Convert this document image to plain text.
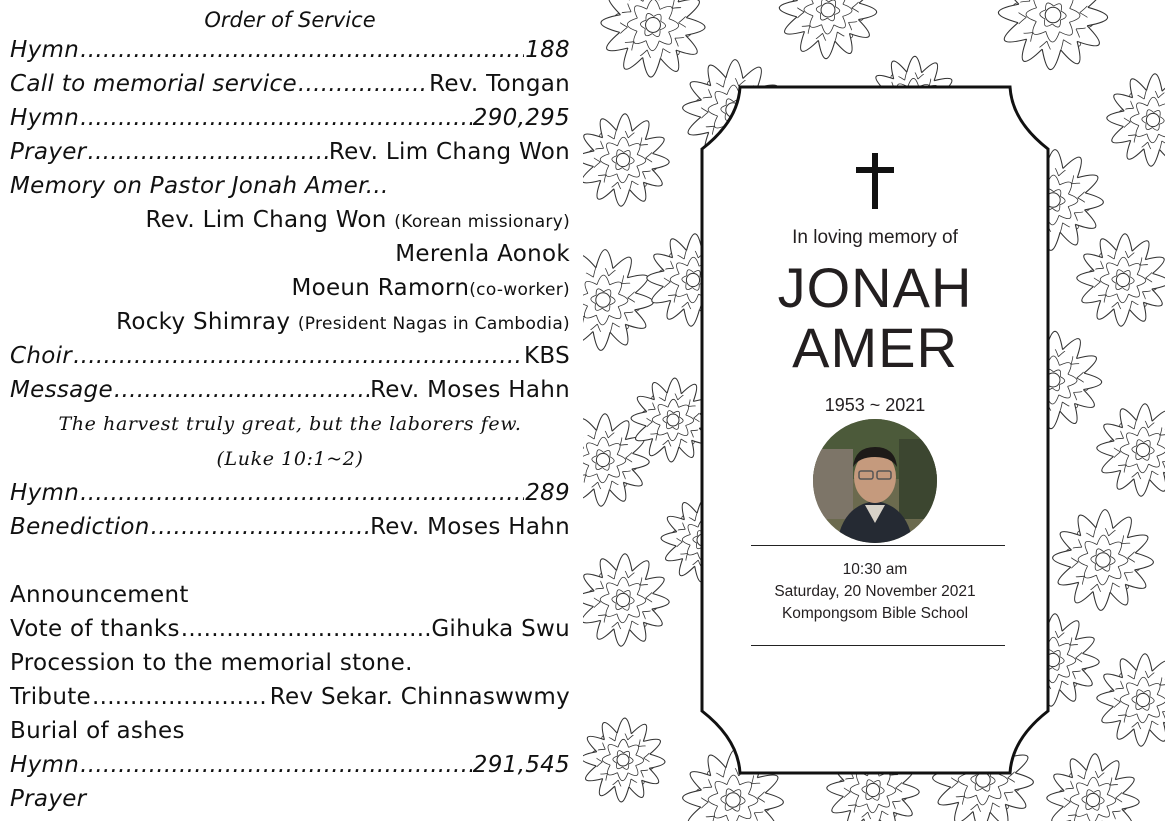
Order of Service
Hymn .....	188
Call to memorial service .....	Rev. Tongan
Hymn .....	290,295
Prayer .....	Rev. Lim Chang Won
Memory on Pastor Jonah Amer...
Rev. Lim Chang Won (Korean missionary)
Merenla Aonok
Moeun Ramorn(co-worker)
Rocky Shimray (President Nagas in Cambodia)
Choir .....	KBS
Message .....	Rev. Moses Hahn
The harvest truly great, but the laborers few.
(Luke 10:1~2)
Hymn .....	289
Benediction .....	Rev. Moses Hahn
Announcement
Vote of thanks .....	Gihuka Swu
Procession to the memorial stone.
Tribute .....	Rev Sekar. Chinnaswwmy
Burial of ashes
Hymn .....	291,545
Prayer
In loving memory of
JONAH
AMER
1953 ~ 2021
10:30 am
Saturday, 20 November 2021
Kompongsom Bible School
